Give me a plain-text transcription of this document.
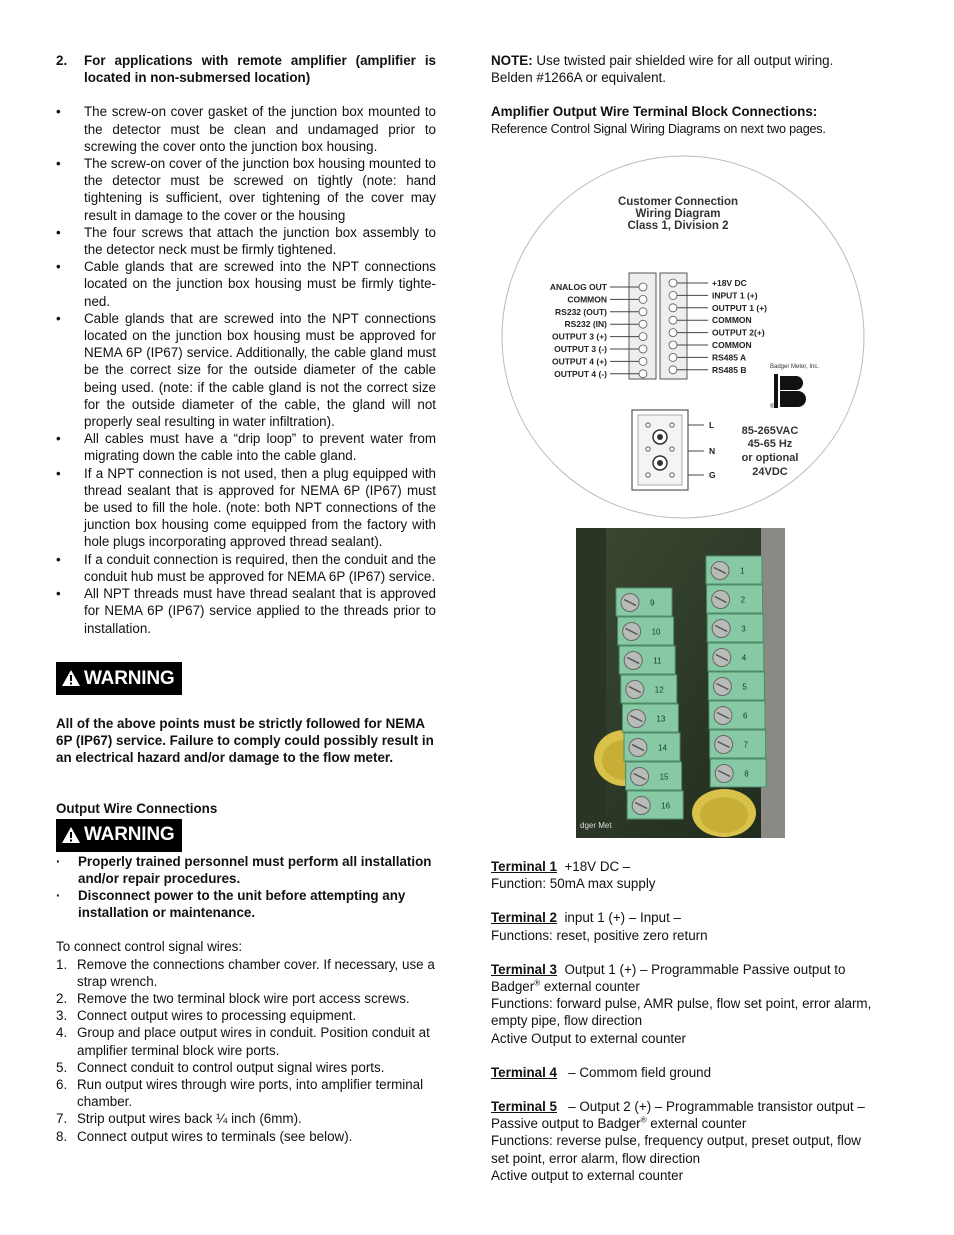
2.	For applications with remote amplifier (amplifier is located in non-submersed location)
• The screw-on cover gasket of the junction box mounted to the detector must be clean and undamaged prior to screwing the cover onto the junction box housing.
• The screw-on cover of the junction box housing mounted to the detector must be screwed on tightly (note: hand tightening is sufficient, over tightening of the cover may result in damage to the cover or the housing
• The four screws that attach the junction box assembly to the detector neck must be firmly tightened.
• Cable glands that are screwed into the NPT connections located on the junction box housing must be firmly tighte-ned.
• Cable glands that are screwed into the NPT connections located on the junction box housing must be approved for NEMA 6P (IP67) service. Additionally, the cable gland must be the correct size for the outside diameter of the cable being used. (note: if the cable gland is not the correct size for the outside diameter of the cable, the gland will not properly seal resulting in water infiltration).
• All cables must have a “drip loop” to prevent water from migrating down the cable into the cable gland.
• If a NPT connection is not used, then a plug equipped with thread sealant that is approved for NEMA 6P (IP67) must be used to fill the hole. (note: both NPT connections of the junction box housing come equipped from the factory with hole plugs incorporating approved thread sealant).
• If a conduit connection is required, then the conduit and the conduit hub must be approved for NEMA 6P (IP67) service.
• All NPT threads must have thread sealant that is approved for NEMA 6P (IP67) service applied to the threads prior to installation.
WARNING

All of the above points must be strictly followed for NEMA 6P (IP67) service. Failure to comply could possibly result in an electrical hazard and/or damage to the flow meter.

Output Wire Connections

WARNING
· Properly trained personnel must perform all installation and/or repair procedures.
· Disconnect power to the unit before attempting any installation or maintenance.

To connect control signal wires:

1. Remove the connections chamber cover. If necessary, use a strap wrench.
2. Remove the two terminal block wire port access screws.
3. Connect output wires to processing equipment.
4. Group and place output wires in conduit. Position conduit at amplifier terminal block wire ports.
5. Connect conduit to control output signal wires ports.
6. Run output wires through wire ports, into amplifier terminal chamber.
7. Strip output wires back ¼ inch (6mm).
8. Connect output wires to terminals (see below).

NOTE: Use twisted pair shielded wire for all output wiring. Belden #1266A or equivalent.

Amplifier Output Wire Terminal Block Connections:

Reference Control Signal Wiring Diagrams on next two pages.

Customer Connection
Wiring Diagram
Class 1, Division 2
ANALOG OUT
COMMON
RS232 (OUT)
RS232 (IN)
OUTPUT 3 (+)
OUTPUT 3 (-)
OUTPUT 4 (+)
OUTPUT 4 (-)
+18V DC
INPUT 1 (+)
OUTPUT 1 (+)
COMMON
OUTPUT 2(+)
COMMON
RS485 A
RS485 B	Badger Meter, Inc.
®
L
N
G
85-265VAC
45-65 Hz
or optional
24VDC
9
10
11
12
13
14
15
16
1
2
3
4
5
6
7
8
dger Met

Terminal 1 +18V DC –

Function: 50mA max supply

Terminal 2 input 1 (+) – Input –

Functions: reset, positive zero return

Terminal 3 Output 1 (+) – Programmable Passive output to Badger® external counter

Functions: forward pulse, AMR pulse, flow set point, error alarm, empty pipe, flow direction

Active Output to external counter

Terminal 4 – Commom field ground

Terminal 5 – Output 2 (+) – Programmable transistor output – Passive output to Badger® external counter

Functions: reverse pulse, frequency output, preset output, flow set point, error alarm, flow direction

Active output to external counter
